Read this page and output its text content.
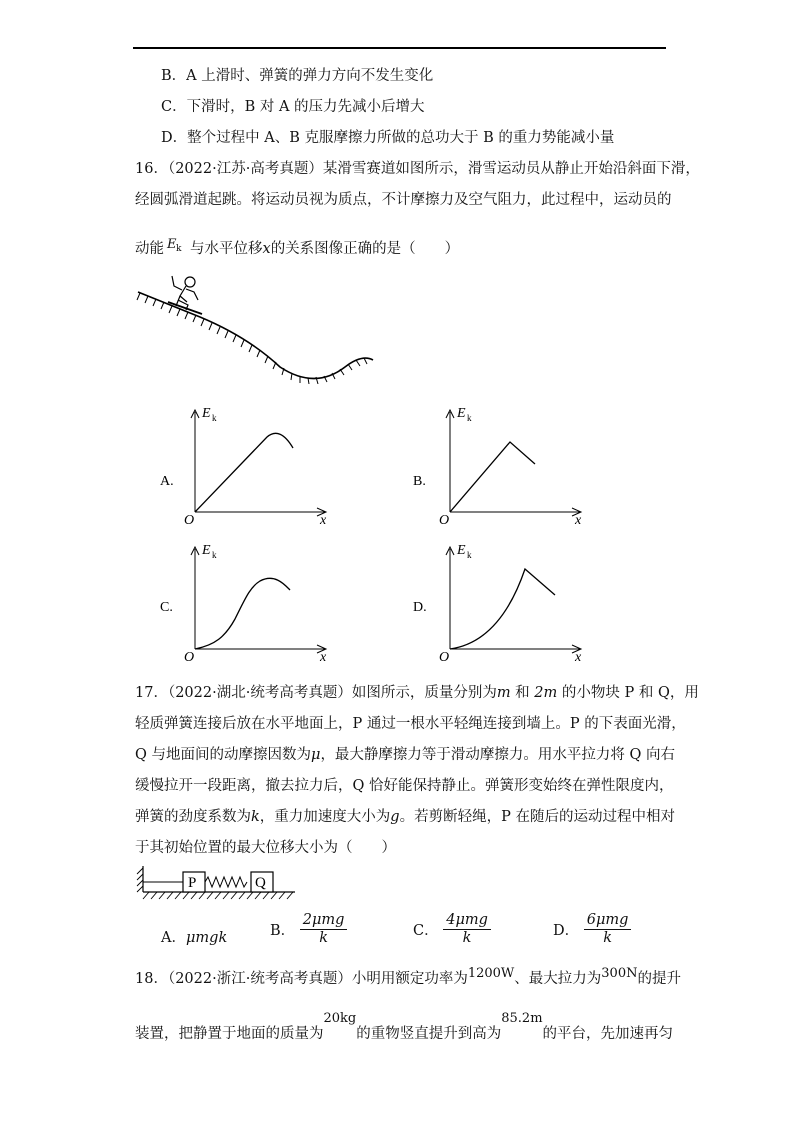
B．A 上滑时、弹簧的弹力方向不发生变化
C．下滑时，B 对 A 的压力先减小后增大
D．整个过程中 A、B 克服摩擦力所做的总功大于 B 的重力势能减小量
16．（2022·江苏·高考真题）某滑雪赛道如图所示，滑雪运动员从静止开始沿斜面下滑，
经圆弧滑道起跳。将运动员视为质点，不计摩擦力及空气阻力，此过程中，运动员的
动能 E k 与水平位移x的关系图像正确的是（　　）
A.
E k
O	x
B.
E k
O	x
C.
E k
O	x
D.
E k
O	x
17．（2022·湖北·统考高考真题）如图所示，质量分别为m 和 2m 的小物块 P 和 Q，用
轻质弹簧连接后放在水平地面上，P 通过一根水平轻绳连接到墙上。P 的下表面光滑，
Q 与地面间的动摩擦因数为μ，最大静摩擦力等于滑动摩擦力。用水平拉力将 Q 向右
缓慢拉开一段距离，撤去拉力后，Q 恰好能保持静止。弹簧形变始终在弹性限度内，
弹簧的劲度系数为k，重力加速度大小为g。若剪断轻绳，P 在随后的运动过程中相对
于其初始位置的最大位移大小为（　　）
P	Q
A．μmgk	B． $\frac{\text{2μmg}}{k}$	C． $\frac{\text{4μmg}}{k}$	D． $\frac{\text{6μmg}}{k}$
18．（2022·浙江·统考高考真题）小明用额定功率为1200W、最大拉力为300N的提升
装置，把静置于地面的质量为20kg的重物竖直提升到高为85.2m的平台，先加速再匀
